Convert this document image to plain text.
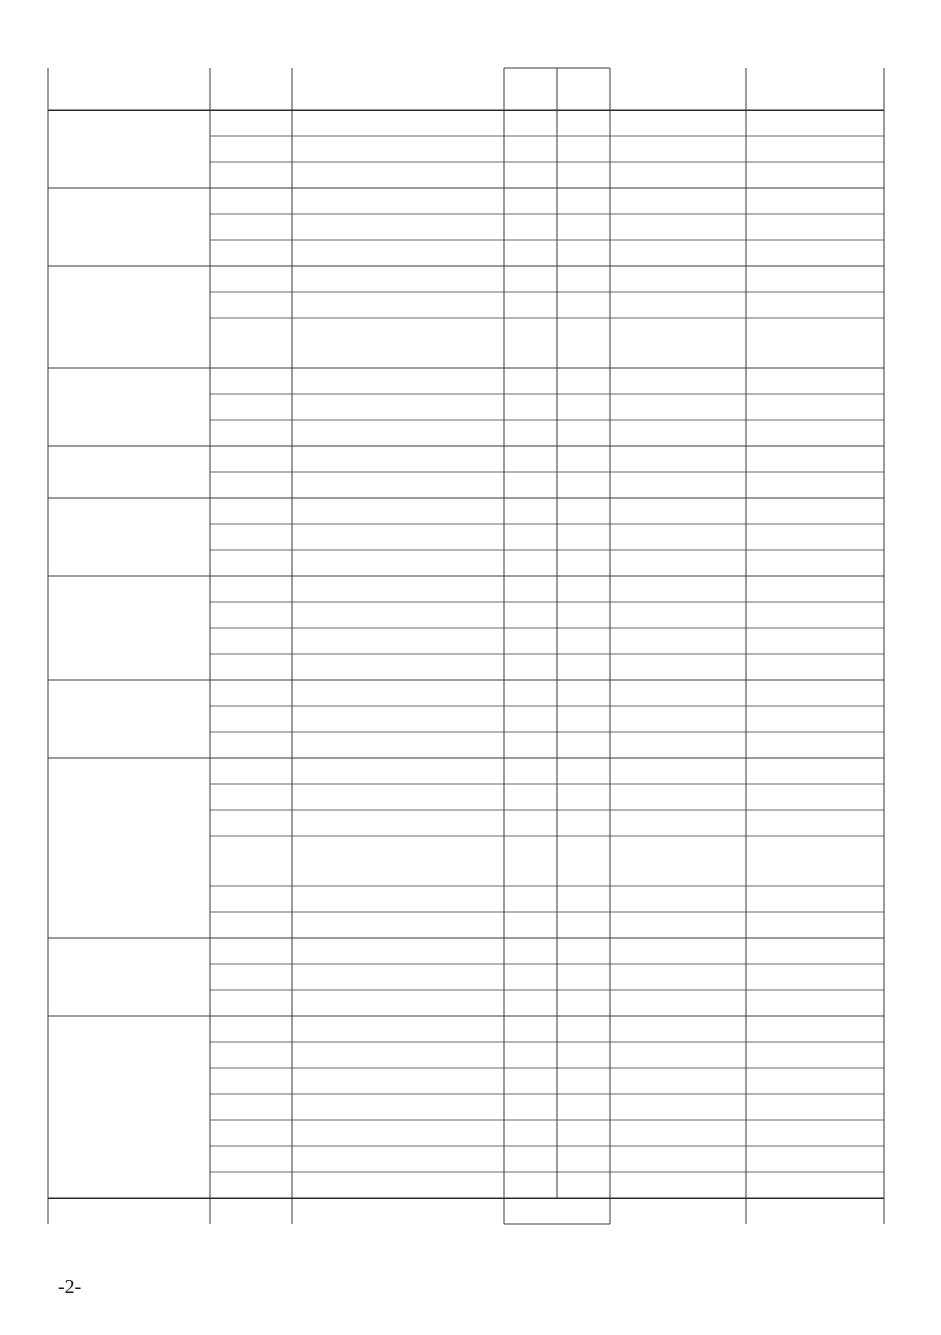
-2-
